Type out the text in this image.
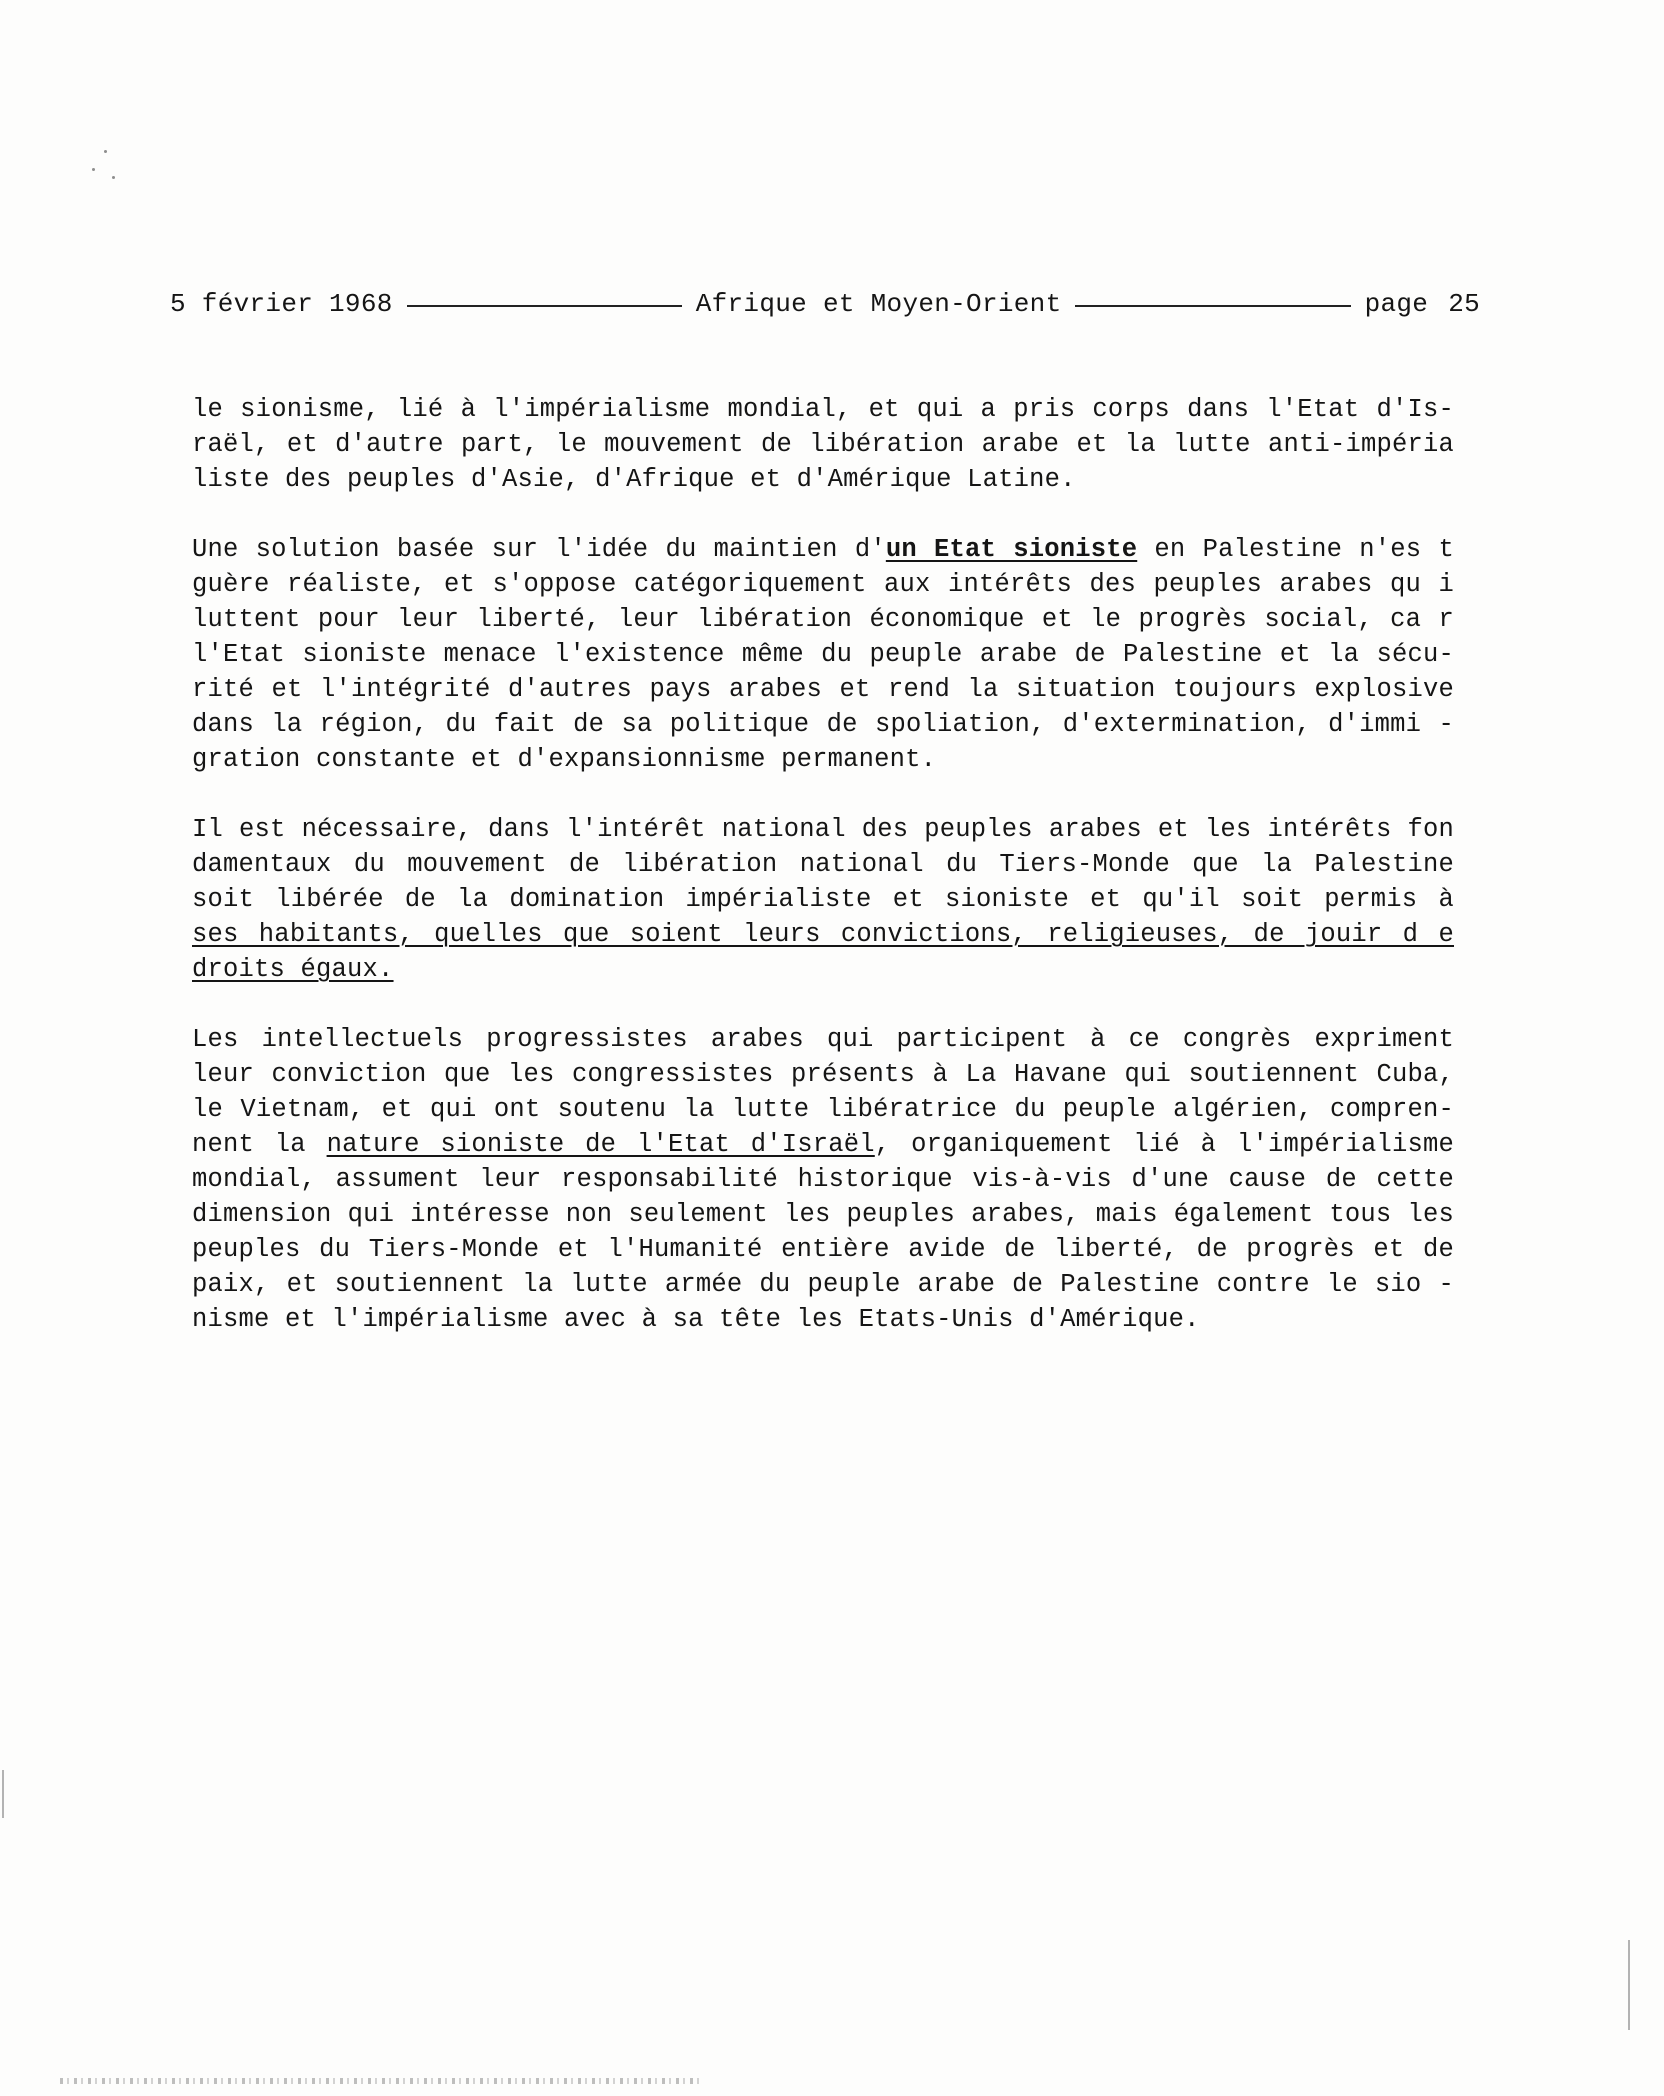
5 février 1968	Afrique et Moyen-Orient	page 25
le sionisme, lié à l'impérialisme mondial, et qui a pris corps dans l'Etat d'Is-
raël, et d'autre part, le mouvement de libération arabe et la lutte anti-impéria
liste des peuples d'Asie, d'Afrique et d'Amérique Latine.
Une solution basée sur l'idée du maintien d'un Etat sioniste en Palestine n'es t
guère réaliste, et s'oppose catégoriquement aux intérêts des peuples arabes qu i
luttent pour leur liberté, leur libération économique et le progrès social, ca r
l'Etat sioniste menace l'existence même du peuple arabe de Palestine et la sécu-
rité et l'intégrité d'autres pays arabes et rend la situation toujours explosive
dans la région, du fait de sa politique de spoliation, d'extermination, d'immi -
gration constante et d'expansionnisme permanent.
Il est nécessaire, dans l'intérêt national des peuples arabes et les intérêts fon
damentaux du mouvement de libération national du Tiers-Monde que la Palestine
soit libérée de la domination impérialiste et sioniste et qu'il soit permis à
ses habitants, quelles que soient leurs convictions, religieuses, de jouir d e
droits égaux.
Les intellectuels progressistes arabes qui participent à ce congrès expriment
leur conviction que les congressistes présents à La Havane qui soutiennent Cuba,
le Vietnam, et qui ont soutenu la lutte libératrice du peuple algérien, compren-
nent la nature sioniste de l'Etat d'Israël, organiquement lié à l'impérialisme
mondial, assument leur responsabilité historique vis-à-vis d'une cause de cette
dimension qui intéresse non seulement les peuples arabes, mais également tous les
peuples du Tiers-Monde et l'Humanité entière avide de liberté, de progrès et de
paix, et soutiennent la lutte armée du peuple arabe de Palestine contre le sio -
nisme et l'impérialisme avec à sa tête les Etats-Unis d'Amérique.
